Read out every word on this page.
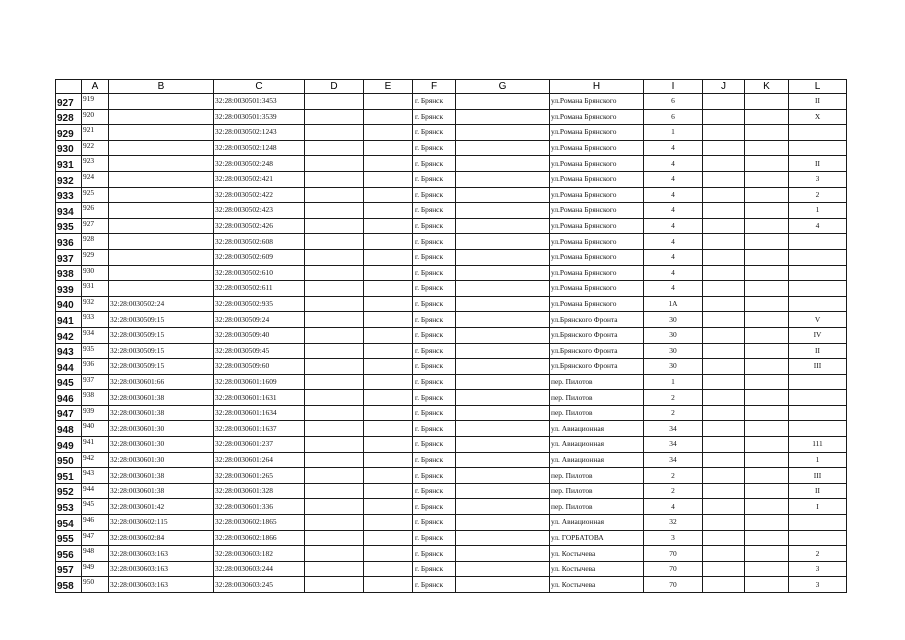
	A	B	C	D	E	F	G	H	I	J	K	L
927	919		32:28:0030501:3453			г. Брянск		ул.Романа Брянского	6			II
928	920		32:28:0030501:3539			г. Брянск		ул.Романа Брянского	6			X
929	921		32:28:0030502:1243			г. Брянск		ул.Романа Брянского	1			
930	922		32:28:0030502:1248			г. Брянск		ул.Романа Брянского	4			
931	923		32:28:0030502:248			г. Брянск		ул.Романа Брянского	4			II
932	924		32:28:0030502:421			г. Брянск		ул.Романа Брянского	4			3
933	925		32:28:0030502:422			г. Брянск		ул.Романа Брянского	4			2
934	926		32:28:0030502:423			г. Брянск		ул.Романа Брянского	4			1
935	927		32:28:0030502:426			г. Брянск		ул.Романа Брянского	4			4
936	928		32:28:0030502:608			г. Брянск		ул.Романа Брянского	4			
937	929		32:28:0030502:609			г. Брянск		ул.Романа Брянского	4			
938	930		32:28:0030502:610			г. Брянск		ул.Романа Брянского	4			
939	931		32:28:0030502:611			г. Брянск		ул.Романа Брянского	4			
940	932	32:28:0030502:24	32:28:0030502:935			г. Брянск		ул.Романа Брянского	1А			
941	933	32:28:0030509:15	32:28:0030509:24			г. Брянск		ул.Брянского Фронта	30			V
942	934	32:28:0030509:15	32:28:0030509:40			г. Брянск		ул.Брянского Фронта	30			IV
943	935	32:28:0030509:15	32:28:0030509:45			г. Брянск		ул.Брянского Фронта	30			II
944	936	32:28:0030509:15	32:28:0030509:60			г. Брянск		ул.Брянского Фронта	30			III
945	937	32:28:0030601:66	32:28:0030601:1609			г. Брянск		пер. Пилотов	1			
946	938	32:28:0030601:38	32:28:0030601:1631			г. Брянск		пер. Пилотов	2			
947	939	32:28:0030601:38	32:28:0030601:1634			г. Брянск		пер. Пилотов	2			
948	940	32:28:0030601:30	32:28:0030601:1637			г. Брянск		ул. Авиационная	34			
949	941	32:28:0030601:30	32:28:0030601:237			г. Брянск		ул. Авиационная	34			111
950	942	32:28:0030601:30	32:28:0030601:264			г. Брянск		ул. Авиационная	34			1
951	943	32:28:0030601:38	32:28:0030601:265			г. Брянск		пер. Пилотов	2			III
952	944	32:28:0030601:38	32:28:0030601:328			г. Брянск		пер. Пилотов	2			II
953	945	32:28:0030601:42	32:28:0030601:336			г. Брянск		пер. Пилотов	4			I
954	946	32:28:0030602:115	32:28:0030602:1865			г. Брянск		ул. Авиационная	32			
955	947	32:28:0030602:84	32:28:0030602:1866			г. Брянск		ул. ГОРБАТОВА	3			
956	948	32:28:0030603:163	32:28:0030603:182			г. Брянск		ул. Костычева	70			2
957	949	32:28:0030603:163	32:28:0030603:244			г. Брянск		ул. Костычева	70			3
958	950	32:28:0030603:163	32:28:0030603:245			г. Брянск		ул. Костычева	70			3
